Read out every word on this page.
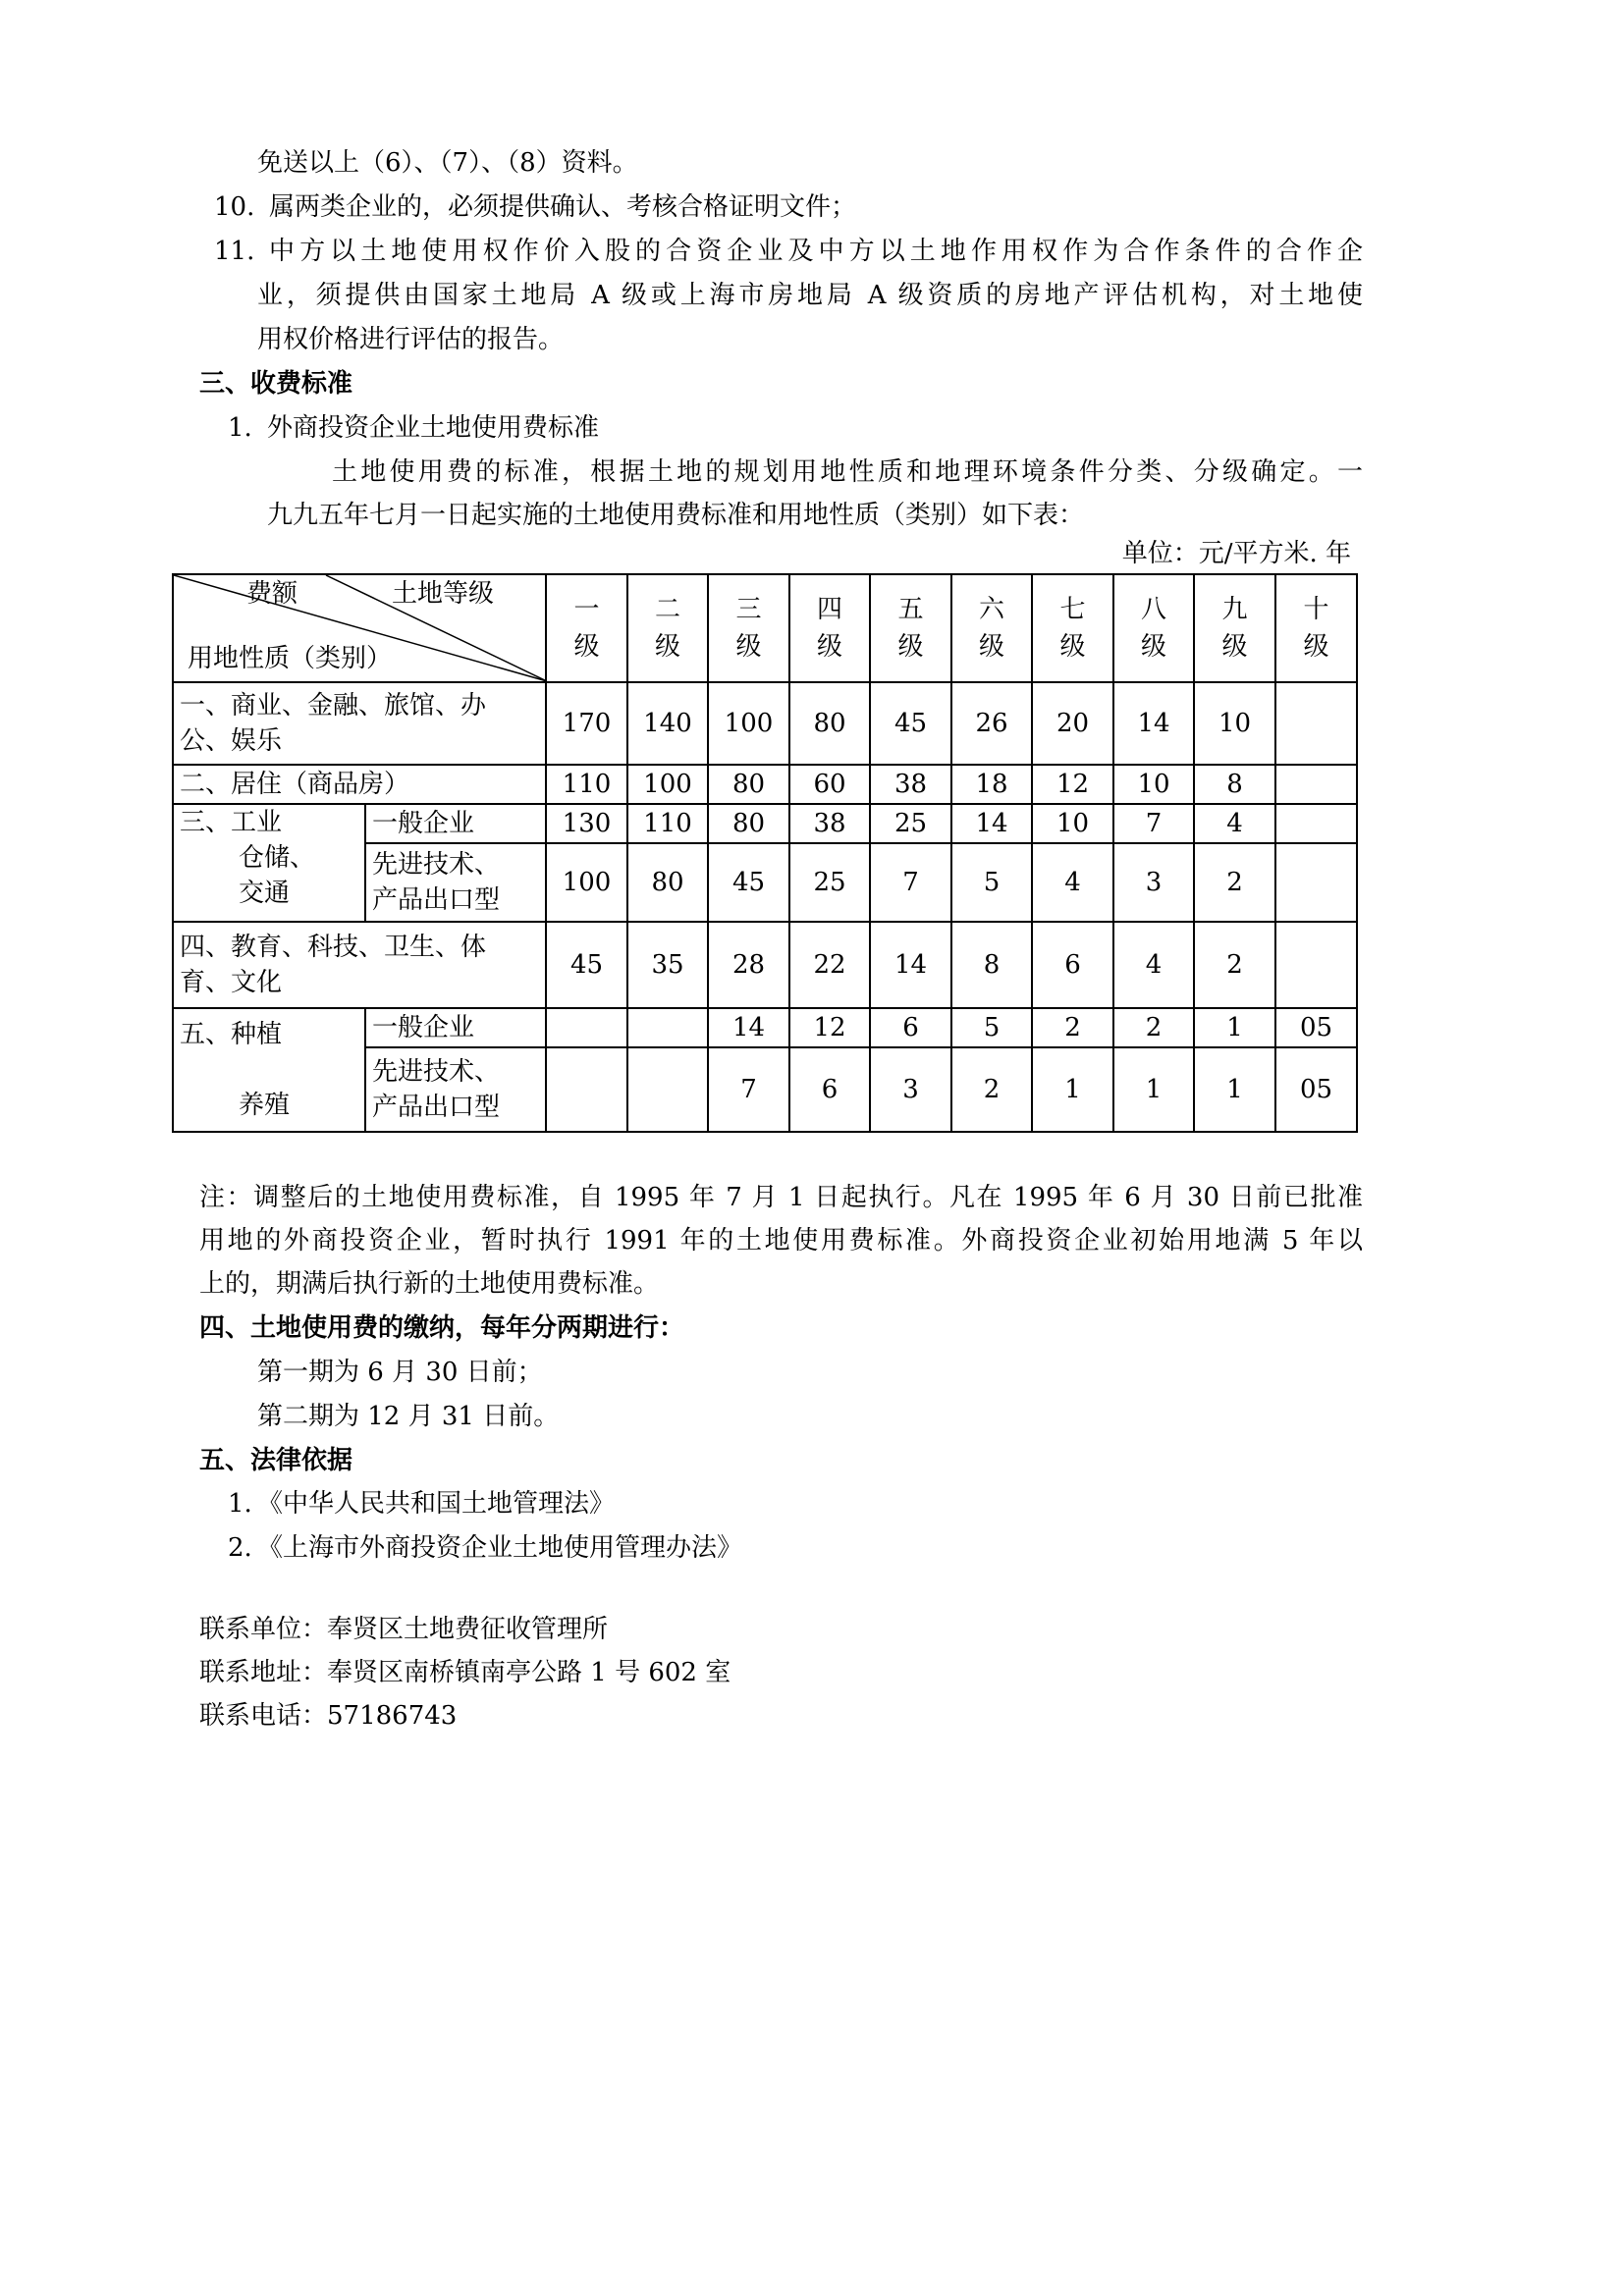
免送以上（6）、（7）、（8）资料。

10. 属两类企业的，必须提供确认、考核合格证明文件；

11. 中方以土地使用权作价入股的合资企业及中方以土地作用权作为合作条件的合作企

业，须提供由国家土地局 A 级或上海市房地局 A 级资质的房地产评估机构，对土地使

用权价格进行评估的报告。

三、收费标准

1. 外商投资企业土地使用费标准

土地使用费的标准，根据土地的规划用地性质和地理环境条件分类、分级确定。一

九九五年七月一日起实施的土地使用费标准和用地性质（类别）如下表：

单位：元/平方米. 年

费额 土地等级
用地性质（类别）		一
级	二
级	三
级	四
级	五
级	六
级	七
级	八
级	九
级	十
级
一、商业、金融、旅馆、办
公、娱乐		170	140	100	80	45	26	20	14	10	
二、居住（商品房）		110	100	80	60	38	18	12	10	8	
三、工业
仓储、
交通	一般企业	130	110	80	38	25	14	10	7	4	
	先进技术、
产品出口型	100	80	45	25	7	5	4	3	2	
四、教育、科技、卫生、体
育、文化		45	35	28	22	14	8	6	4	2	
五、种植

养殖	一般企业			14	12	6	5	2	2	1	05
	先进技术、
产品出口型			7	6	3	2	1	1	1	05

注：调整后的土地使用费标准，自 1995 年 7 月 1 日起执行。凡在 1995 年 6 月 30 日前已批准

用地的外商投资企业，暂时执行 1991 年的土地使用费标准。外商投资企业初始用地满 5 年以

上的，期满后执行新的土地使用费标准。

四、土地使用费的缴纳，每年分两期进行：

第一期为 6 月 30 日前；

第二期为 12 月 31 日前。

五、法律依据

1. 《中华人民共和国土地管理法》

2. 《上海市外商投资企业土地使用管理办法》

联系单位：奉贤区土地费征收管理所

联系地址：奉贤区南桥镇南亭公路 1 号 602 室

联系电话：57186743
